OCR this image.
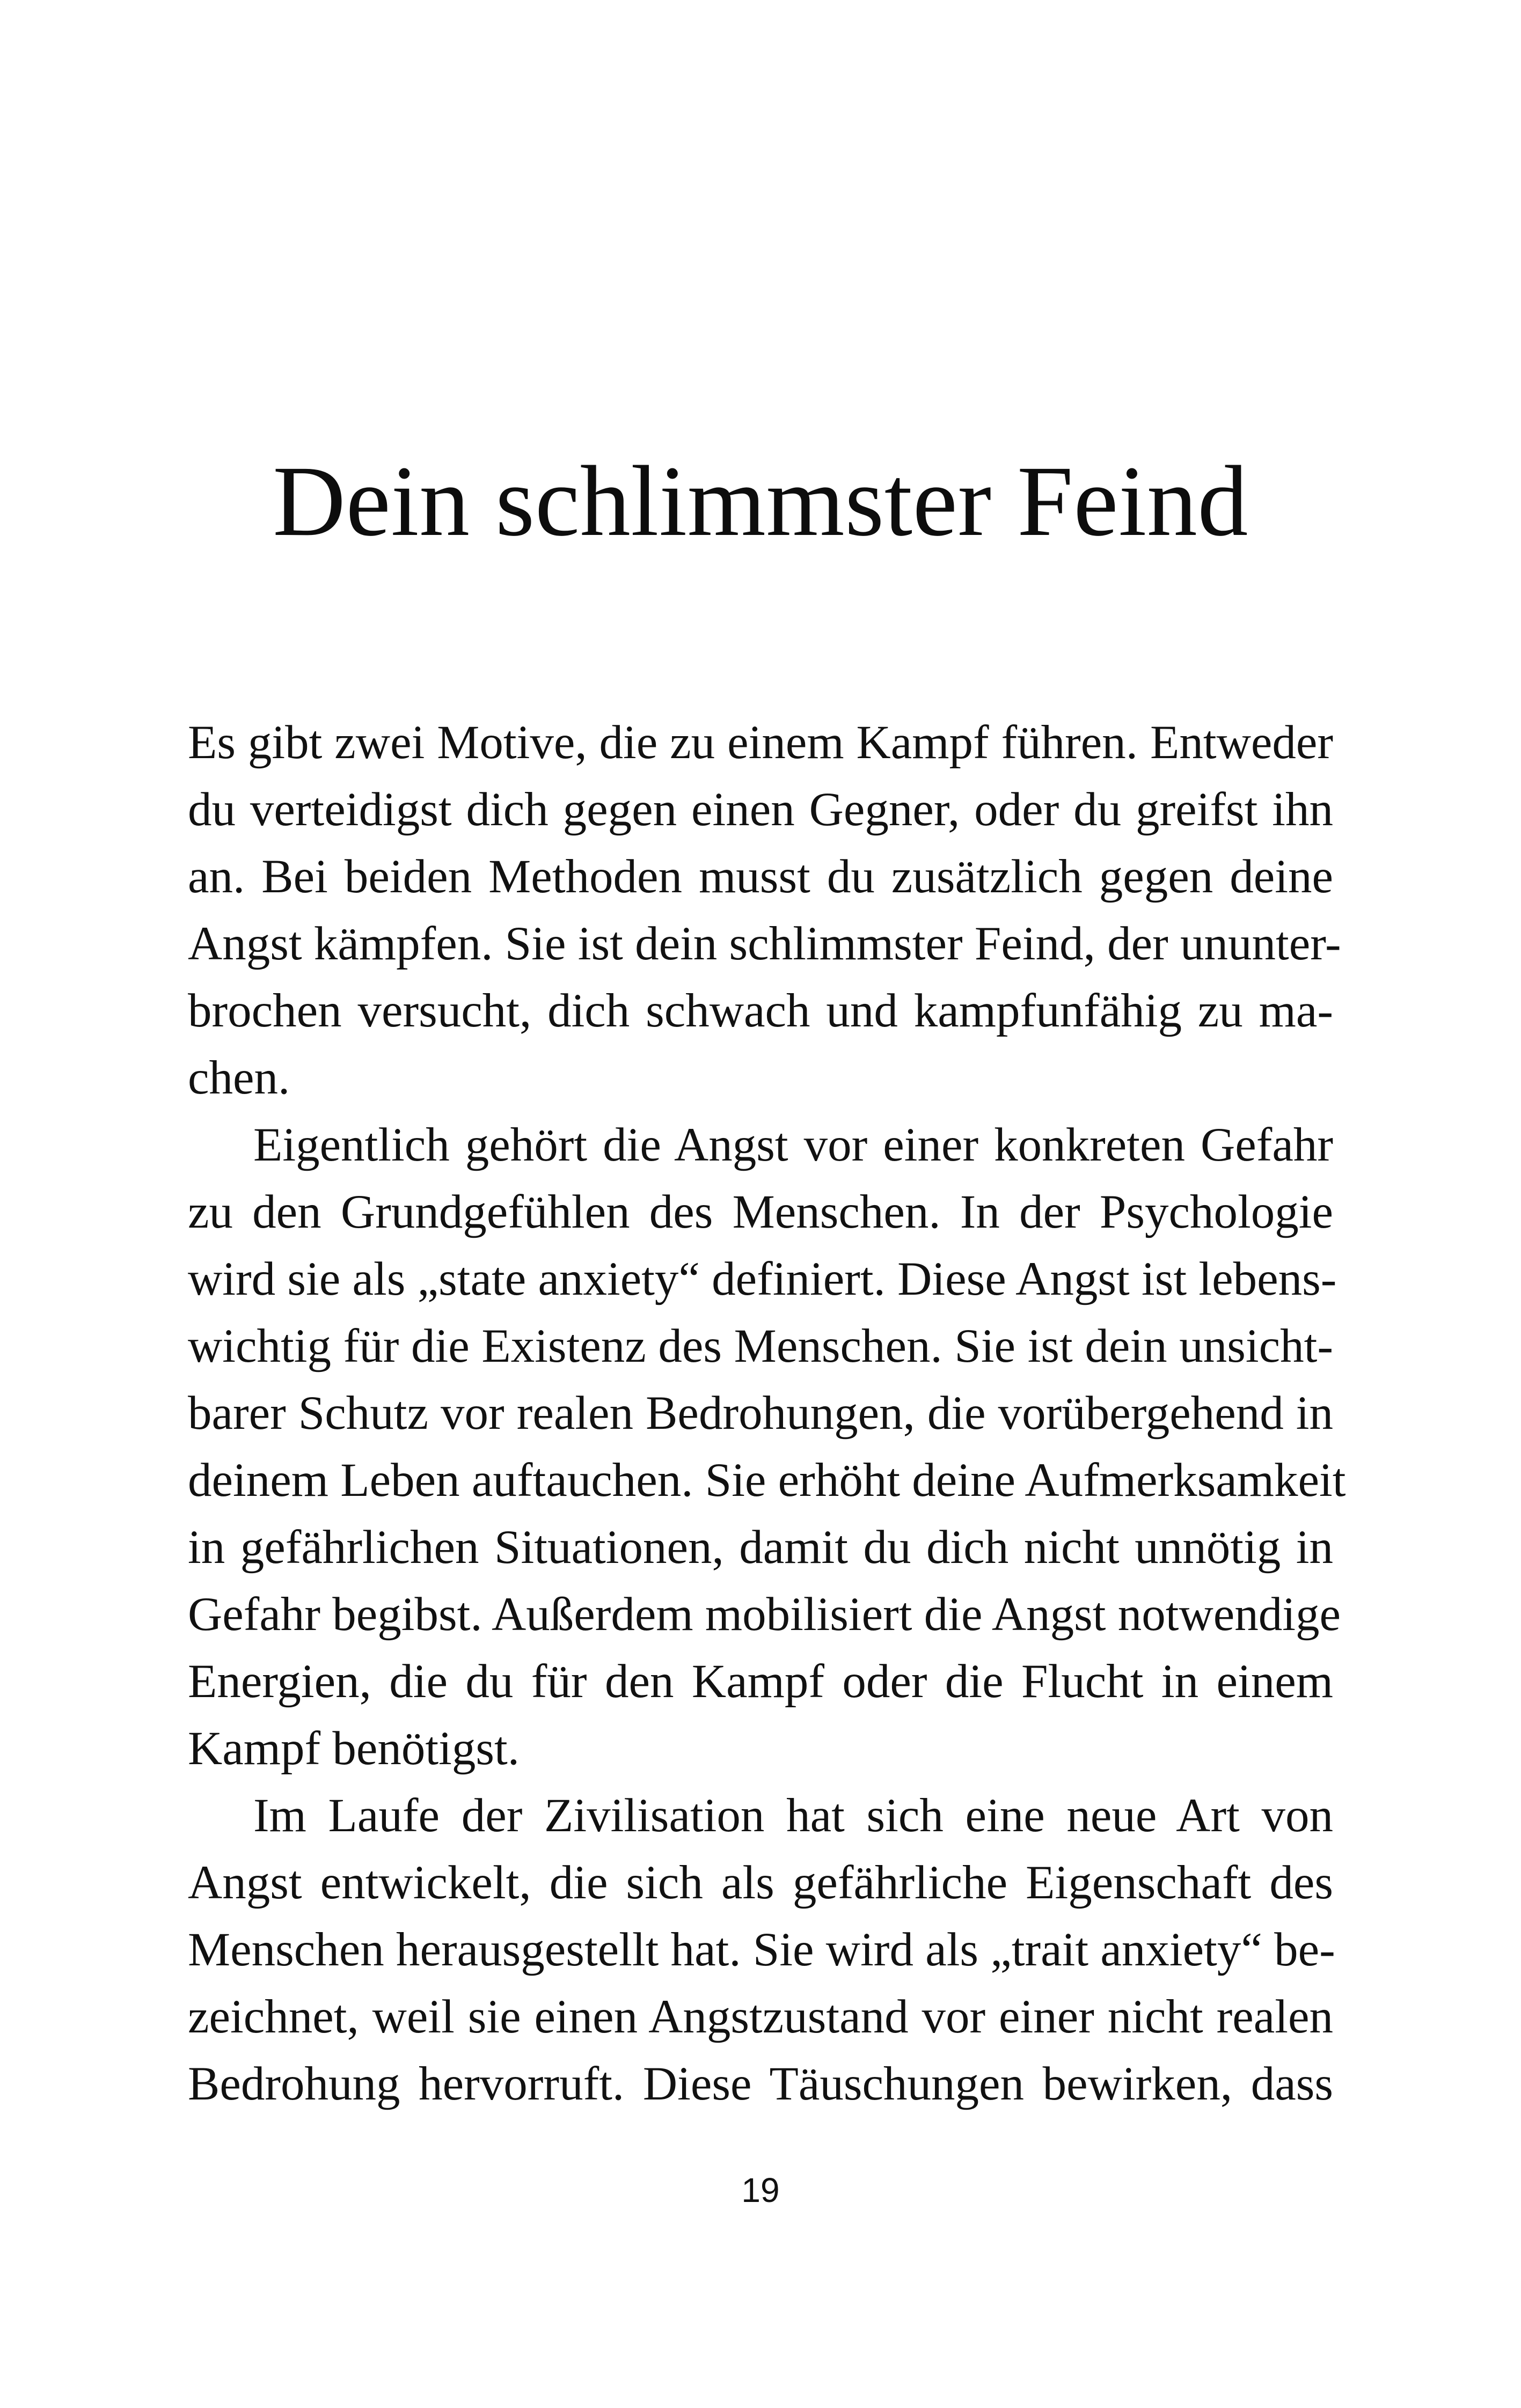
Dein schlimmster Feind
Es gibt zwei Motive, die zu einem Kampf führen. Entweder
du verteidigst dich gegen einen Gegner, oder du greifst ihn
an. Bei beiden Methoden musst du zusätzlich gegen deine
Angst kämpfen. Sie ist dein schlimmster Feind, der ununter-
brochen versucht, dich schwach und kampfunfähig zu ma-
chen.
Eigentlich gehört die Angst vor einer konkreten Gefahr
zu den Grundgefühlen des Menschen. In der Psychologie
wird sie als „state anxiety“ definiert. Diese Angst ist lebens-
wichtig für die Existenz des Menschen. Sie ist dein unsicht-
barer Schutz vor realen Bedrohungen, die vorübergehend in
deinem Leben auftauchen. Sie erhöht deine Aufmerksamkeit
in gefährlichen Situationen, damit du dich nicht unnötig in
Gefahr begibst. Außerdem mobilisiert die Angst notwendige
Energien, die du für den Kampf oder die Flucht in einem
Kampf benötigst.
Im Laufe der Zivilisation hat sich eine neue Art von
Angst entwickelt, die sich als gefährliche Eigenschaft des
Menschen herausgestellt hat. Sie wird als „trait anxiety“ be-
zeichnet, weil sie einen Angstzustand vor einer nicht realen
Bedrohung hervorruft. Diese Täuschungen bewirken, dass
19
